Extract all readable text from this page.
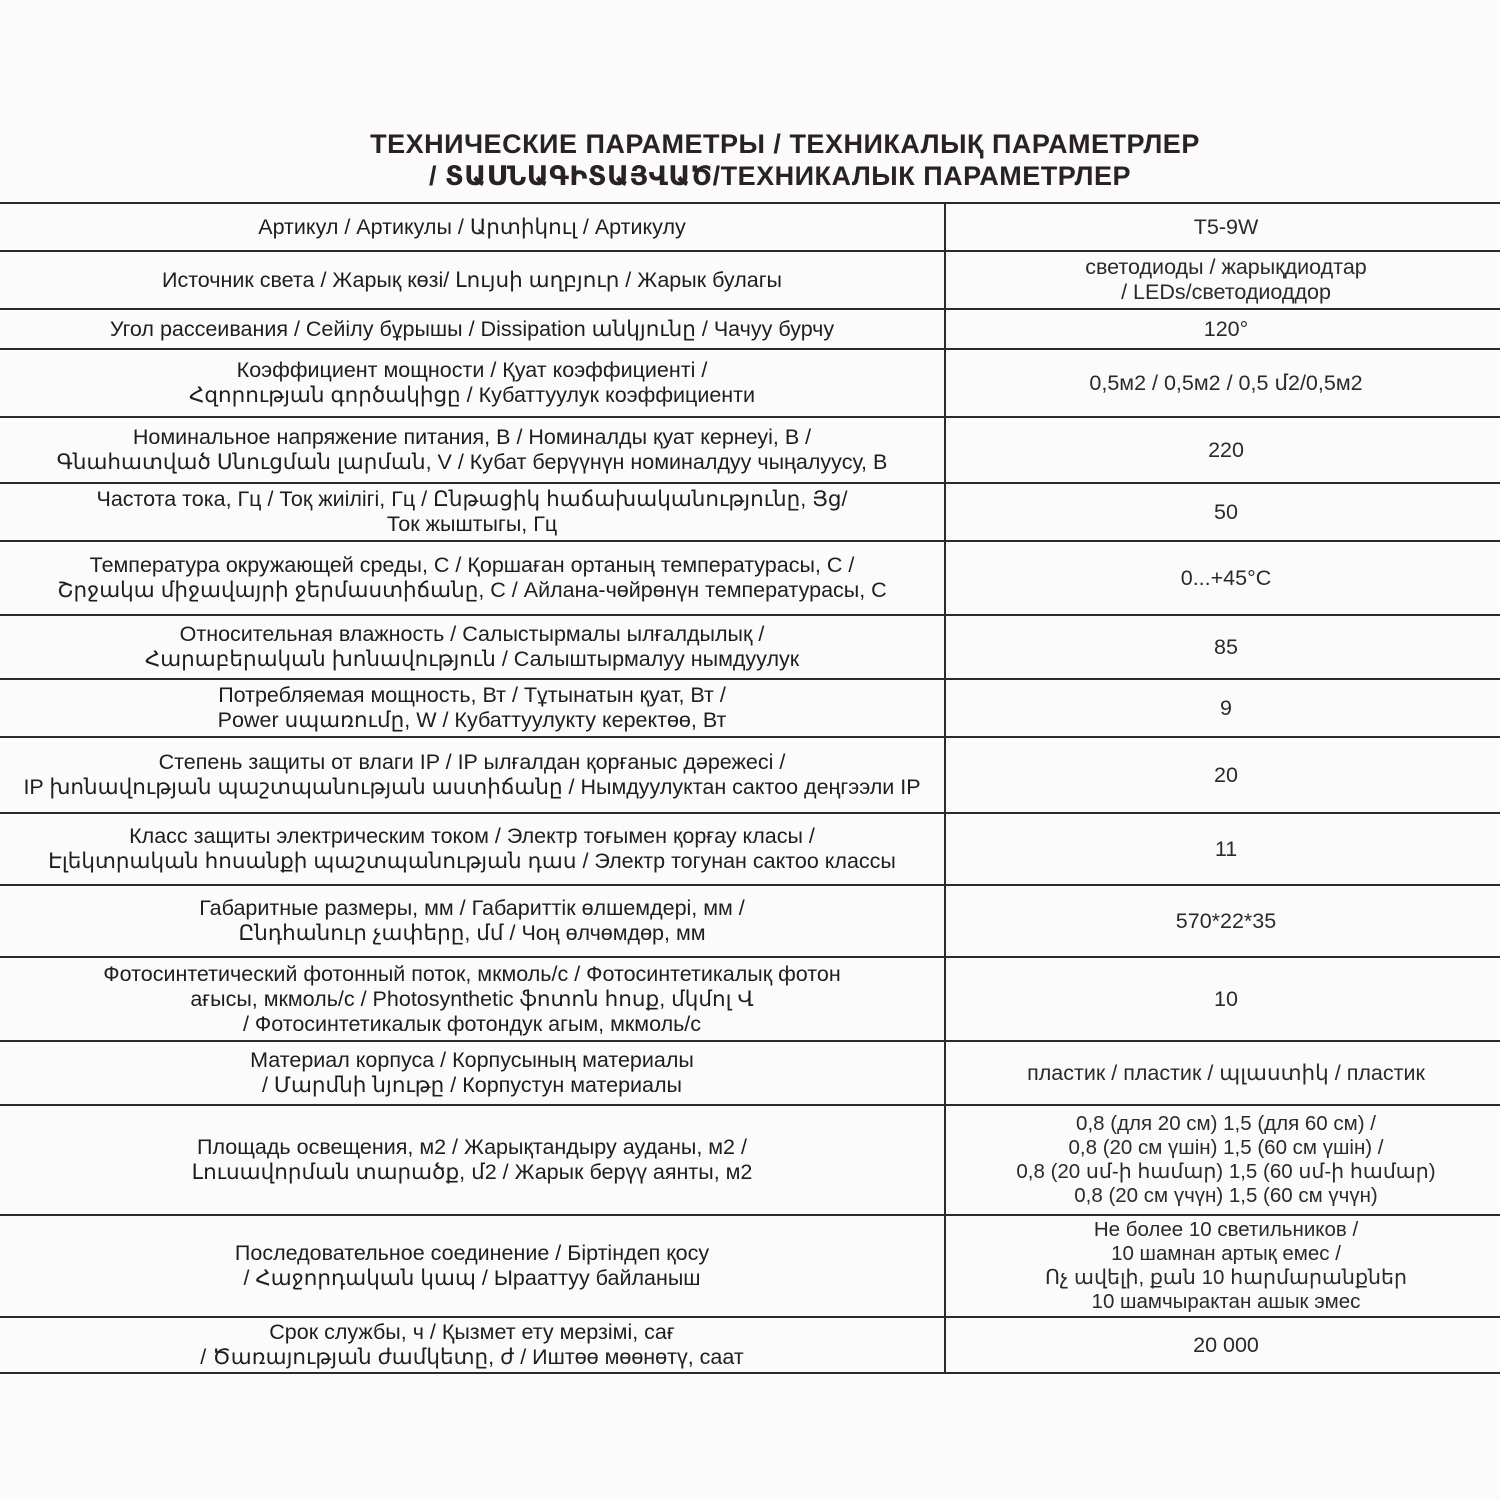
ТЕХНИЧЕСКИЕ ПАРАМЕТРЫ / ТЕХНИКАЛЫҚ ПАРАМЕТРЛЕР
/ ՏԱՍՆԱԳԻՏԱՅՎԱԾ/ТЕХНИКАЛЫК ПАРАМЕТРЛЕР
Артикул / Артикулы / Արտիկուլ / Артикулу	T5-9W
Источник света / Жарық көзі/ Լույսի աղբյուր / Жарык булагы	светодиоды / жарықдиодтар
/ LEDs/светодиоддор
Угол рассеивания / Сейілу бұрышы / Dissipation անկյունը / Чачуу бурчу	120°
Коэффициент мощности / Қуат коэффициенті /
Հզորության գործակիցը / Кубаттуулук коэффициенти	0,5м2 / 0,5м2 / 0,5 մ2/0,5м2
Номинальное напряжение питания, В / Номиналды қуат кернеуі, В /
Գնահատված Սնուցման լարման, V / Кубат берүүнүн номиналдуу чыңалуусу, В	220
Частота тока, Гц / Тоқ жиілігі, Гц / Ընթացիկ հաճախականությունը, Յց/
Ток жыштыгы, Гц	50
Температура окружающей среды, С / Қоршаған ортаның температурасы, С /
Շրջակա միջավայրի ջերմաստիճանը, С / Айлана-чөйрөнүн температурасы, С	0...+45°C
Относительная влажность / Салыстырмалы ылғалдылық /
Հարաբերական խոնավություն / Салыштырмалуу нымдуулук	85
Потребляемая мощность, Вт / Тұтынатын қуат, Вт /
Power սպառումը, W / Кубаттуулукту керектөө, Вт	9
Степень защиты от влаги IP / IP ылғалдан қорғаныс дәрежесі /
IP խոնավության պաշտպանության աստիճանը / Нымдуулуктан сактоо деңгээли IP	20
Класс защиты электрическим током / Электр тоғымен қорғау класы /
Էլեկտրական հոսանքի պաշտպանության դաս / Электр тогунан сактоо классы	11
Габаритные размеры, мм / Габариттік өлшемдері, мм /
Ընդհանուր չափերը, մմ / Чоң өлчөмдөр, мм	570*22*35
Фотосинтетический фотонный поток, мкмоль/с / Фотосинтетикалық фотон
ағысы, мкмоль/с / Photosynthetic ֆոտոն հոսք, մկմոլ Վ
/ Фотосинтетикалык фотондук агым, мкмоль/с	10
Материал корпуса / Корпусының материалы
/ Մարմնի նյութը / Корпустун материалы	пластик / пластик / պլաստիկ / пластик
Площадь освещения, м2 / Жарықтандыру ауданы, м2 /
Լուսավորման տարածք, մ2 / Жарык берүү аянты, м2	0,8 (для 20 см) 1,5 (для 60 см) /
0,8 (20 см үшін) 1,5 (60 см үшін) /
0,8 (20 սմ-ի համար) 1,5 (60 սմ-ի համար)
0,8 (20 см үчүн) 1,5 (60 см үчүн)
Последовательное соединение / Біртіндеп қосу
/ Հաջորդական կապ / Ырааттуу байланыш	Не более 10 светильников /
10 шамнан артық емес /
Ոչ ավելի, քան 10 հարմարանքներ
10 шамчырактан ашык эмес
Срок службы, ч / Қызмет ету мерзімі, сағ
/ Ծառայության ժամկետը, ժ / Иштөө мөөнөтү, саат	20 000
